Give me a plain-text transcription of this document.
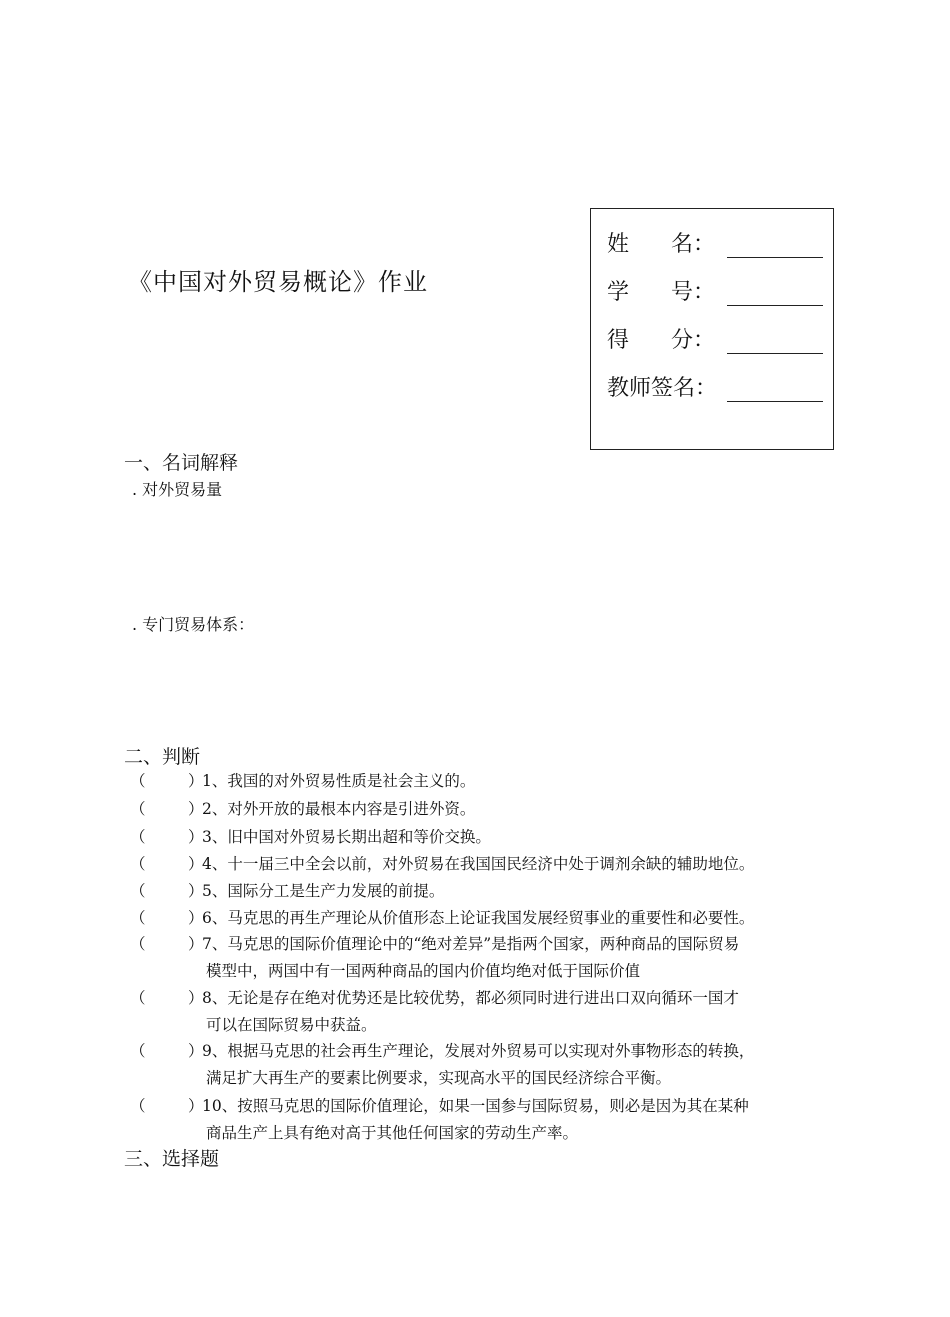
《中国对外贸易概论》作业
姓      名：
学      号：
得      分：
教师签名：
一、名词解释
. 对外贸易量
. 专门贸易体系：
二、判断
（	）
1、我国的对外贸易性质是社会主义的。
（	）
2、对外开放的最根本内容是引进外资。
（	）
3、旧中国对外贸易长期出超和等价交换。
（	）
4、十一届三中全会以前，对外贸易在我国国民经济中处于调剂余缺的辅助地位。
（	）
5、国际分工是生产力发展的前提。
（	）
6、马克思的再生产理论从价值形态上论证我国发展经贸事业的重要性和必要性。
（	）
7、马克思的国际价值理论中的“绝对差异”是指两个国家，两种商品的国际贸易
模型中，两国中有一国两种商品的国内价值均绝对低于国际价值
（	）
8、无论是存在绝对优势还是比较优势，都必须同时进行进出口双向循环一国才
可以在国际贸易中获益。
（	）
9、根据马克思的社会再生产理论，发展对外贸易可以实现对外事物形态的转换，
满足扩大再生产的要素比例要求，实现高水平的国民经济综合平衡。
（	）
10、按照马克思的国际价值理论，如果一国参与国际贸易，则必是因为其在某种
商品生产上具有绝对高于其他任何国家的劳动生产率。
三、选择题
